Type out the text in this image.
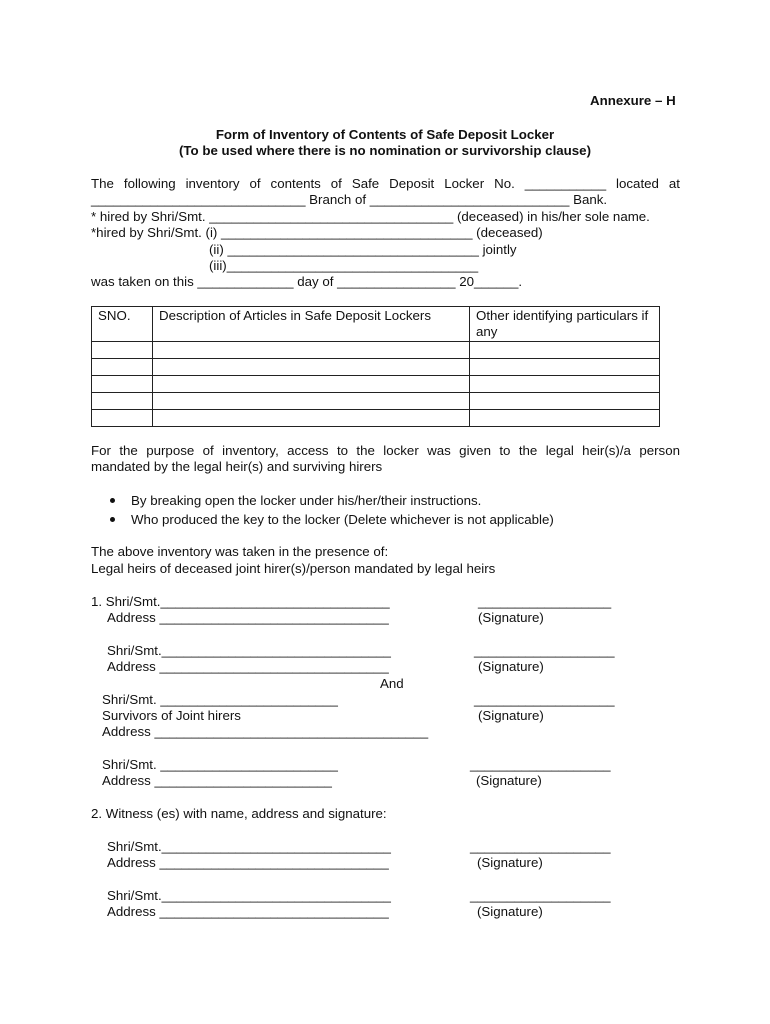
Annexure – H
Form of Inventory of Contents of Safe Deposit Locker
(To be used where there is no nomination or survivorship clause)
The following inventory of contents of Safe Deposit Locker No. ___________ located at
_____________________________ Branch of ___________________________ Bank.
* hired by Shri/Smt. _________________________________ (deceased) in his/her sole name.
*hired by Shri/Smt. (i) __________________________________ (deceased)
(ii) __________________________________ jointly
(iii)__________________________________
was taken on this _____________ day of ________________ 20______.
SNO.	Description of Articles in Safe Deposit Lockers	Other identifying particulars if any

For the purpose of inventory, access to the locker was given to the legal heir(s)/a person
mandated by the legal heir(s) and surviving hirers
By breaking open the locker under his/her/their instructions.
Who produced the key to the locker (Delete whichever is not applicable)
The above inventory was taken in the presence of:
Legal heirs of deceased joint hirer(s)/person mandated by legal heirs
1. Shri/Smt._______________________________	__________________
Address _______________________________	(Signature)
Shri/Smt._______________________________	___________________
Address _______________________________	(Signature)
And
Shri/Smt. ________________________	___________________
Survivors of Joint hirers	(Signature)
Address _____________________________________
Shri/Smt. ________________________	___________________
Address ________________________	(Signature)
2. Witness (es) with name, address and signature:
Shri/Smt._______________________________	___________________
Address _______________________________	(Signature)
Shri/Smt._______________________________	___________________
Address _______________________________	(Signature)
